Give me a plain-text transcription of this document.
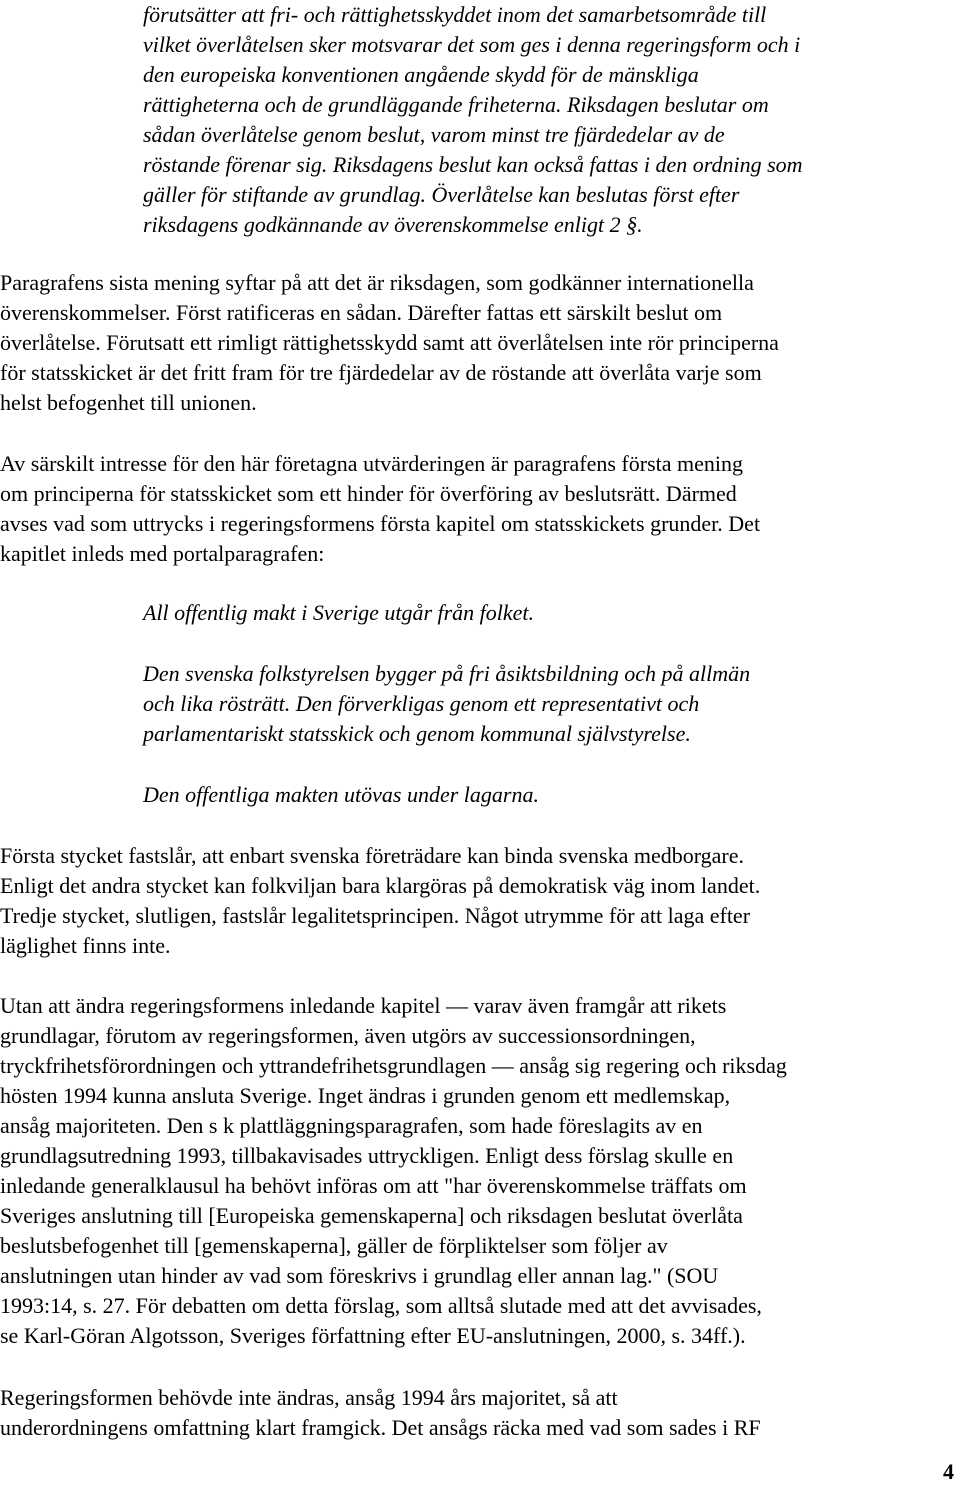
förutsätter att fri- och rättighetsskyddet inom det samarbetsområde till
vilket överlåtelsen sker motsvarar det som ges i denna regeringsform och i
den europeiska konventionen angående skydd för de mänskliga
rättigheterna och de grundläggande friheterna. Riksdagen beslutar om
sådan överlåtelse genom beslut, varom minst tre fjärdedelar av de
röstande förenar sig. Riksdagens beslut kan också fattas i den ordning som
gäller för stiftande av grundlag. Överlåtelse kan beslutas först efter
riksdagens godkännande av överenskommelse enligt 2 §.
Paragrafens sista mening syftar på att det är riksdagen, som godkänner internationella
överenskommelser. Först ratificeras en sådan. Därefter fattas ett särskilt beslut om
överlåtelse. Förutsatt ett rimligt rättighetsskydd samt att överlåtelsen inte rör principerna
för statsskicket är det fritt fram för tre fjärdedelar av de röstande att överlåta varje som
helst befogenhet till unionen.
Av särskilt intresse för den här företagna utvärderingen är paragrafens första mening
om principerna för statsskicket som ett hinder för överföring av beslutsrätt. Därmed
avses vad som uttrycks i regeringsformens första kapitel om statsskickets grunder. Det
kapitlet inleds med portalparagrafen:
All offentlig makt i Sverige utgår från folket.
Den svenska folkstyrelsen bygger på fri åsiktsbildning och på allmän
och lika rösträtt. Den förverkligas genom ett representativt och
parlamentariskt statsskick och genom kommunal självstyrelse.
Den offentliga makten utövas under lagarna.
Första stycket fastslår, att enbart svenska företrädare kan binda svenska medborgare.
Enligt det andra stycket kan folkviljan bara klargöras på demokratisk väg inom landet.
Tredje stycket, slutligen, fastslår legalitetsprincipen. Något utrymme för att laga efter
läglighet finns inte.
Utan att ändra regeringsformens inledande kapitel ― varav även framgår att rikets
grundlagar, förutom av regeringsformen, även utgörs av successionsordningen,
tryckfrihetsförordningen och yttrandefrihetsgrundlagen ― ansåg sig regering och riksdag
hösten 1994 kunna ansluta Sverige. Inget ändras i grunden genom ett medlemskap,
ansåg majoriteten. Den s k plattläggningsparagrafen, som hade föreslagits av en
grundlagsutredning 1993, tillbakavisades uttryckligen. Enligt dess förslag skulle en
inledande generalklausul ha behövt införas om att "har överenskommelse träffats om
Sveriges anslutning till [Europeiska gemenskaperna] och riksdagen beslutat överlåta
beslutsbefogenhet till [gemenskaperna], gäller de förpliktelser som följer av
anslutningen utan hinder av vad som föreskrivs i grundlag eller annan lag." (SOU
1993:14, s. 27. För debatten om detta förslag, som alltså slutade med att det avvisades,
se Karl-Göran Algotsson, Sveriges författning efter EU-anslutningen, 2000, s. 34ff.).
Regeringsformen behövde inte ändras, ansåg 1994 års majoritet, så att
underordningens omfattning klart framgick. Det ansågs räcka med vad som sades i RF
4
